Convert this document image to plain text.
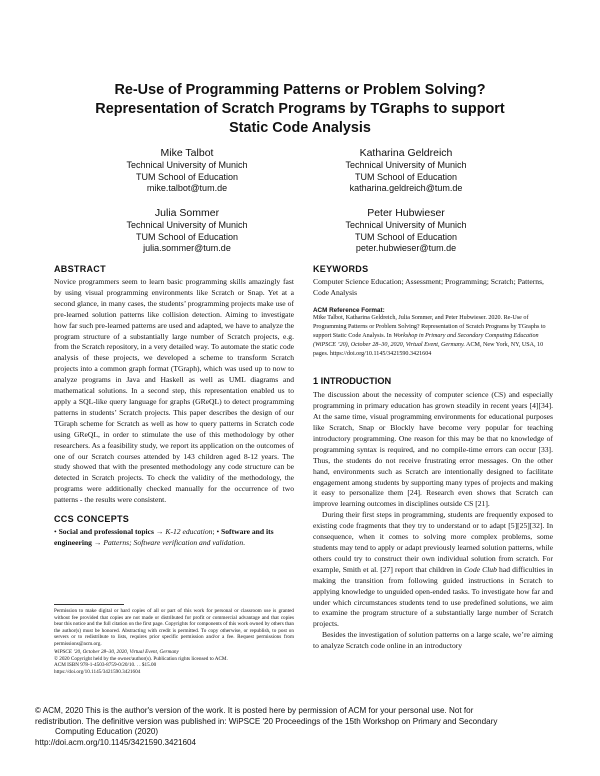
Re-Use of Programming Patterns or Problem Solving?
Representation of Scratch Programs by TGraphs to support
Static Code Analysis
Mike Talbot
Technical University of Munich
TUM School of Education
mike.talbot@tum.de
Katharina Geldreich
Technical University of Munich
TUM School of Education
katharina.geldreich@tum.de
Julia Sommer
Technical University of Munich
TUM School of Education
julia.sommer@tum.de
Peter Hubwieser
Technical University of Munich
TUM School of Education
peter.hubwieser@tum.de
ABSTRACT

Novice programmers seem to learn basic programming skills amazingly fast by using visual programming environments like Scratch or Snap. Yet at a second glance, in many cases, the students’ programming projects make use of pre-learned solution patterns like collision detection. Aiming to investigate how far such pre-learned patterns are used and adapted, we have to analyze the program structure of a substantially large number of Scratch projects, e.g. from the Scratch repository, in a very detailed way. To automate the static code analysis of these projects, we developed a scheme to transform Scratch projects into a common graph format (TGraph), which was used up to now to analyze programs in Java and Haskell as well as UML diagrams and mathematical solutions. In a second step, this representation enabled us to apply a SQL-like query language for graphs (GReQL) to detect programming patterns in students’ Scratch projects. This paper describes the design of our TGraph scheme for Scratch as well as how to query patterns in Scratch code using GReQL, in order to stimulate the use of this methodology by other researchers. As a feasibility study, we report its application on the outcomes of one of our Scratch courses attended by 143 children aged 8-12 years. The study showed that with the presented methodology any code structure can be detected in Scratch projects. To check the validity of the methodology, the programs were additionally checked manually for the occurrence of two patterns - the results were consistent.

CCS CONCEPTS
• Social and professional topics → K-12 education; • Software and its engineering → Patterns; Software verification and validation.
Permission to make digital or hard copies of all or part of this work for personal or classroom use is granted without fee provided that copies are not made or distributed for profit or commercial advantage and that copies bear this notice and the full citation on the first page. Copyrights for components of this work owned by others than the author(s) must be honored. Abstracting with credit is permitted. To copy otherwise, or republish, to post on servers or to redistribute to lists, requires prior specific permission and/or a fee. Request permissions from permissions@acm.org.
WiPSCE ’20, October 28–30, 2020, Virtual Event, Germany
© 2020 Copyright held by the owner/author(s). Publication rights licensed to ACM.
ACM ISBN 978-1-4503-8759-0/20/10. . . $15.00
https://doi.org/10.1145/3421590.3421604
KEYWORDS
Computer Science Education; Assessment; Programming; Scratch; Patterns, Code Analysis
ACM Reference Format:
Mike Talbot, Katharina Geldreich, Julia Sommer, and Peter Hubwieser. 2020. Re-Use of Programming Patterns or Problem Solving? Representation of Scratch Programs by TGraphs to support Static Code Analysis. In Workshop in Primary and Secondary Computing Education (WiPSCE ’20), October 28–30, 2020, Virtual Event, Germany. ACM, New York, NY, USA, 10 pages. https://doi.org/10.1145/3421590.3421604
1 INTRODUCTION

The discussion about the necessity of computer science (CS) and especially programming in primary education has grown steadily in recent years [4][34]. At the same time, visual programming environments for educational purposes like Scratch, Snap or Blockly have become very popular for teaching introductory programming. One reason for this may be that no knowledge of programming syntax is required, and no compile-time errors can occur [33]. Thus, the students do not receive frustrating error messages. On the other hand, environments such as Scratch are intentionally designed to facilitate engagement among students by supporting many types of projects and making it easy to personalize them [24]. Research even shows that Scratch can improve learning outcomes in disciplines outside CS [21].

During their first steps in programming, students are frequently exposed to existing code fragments that they try to understand or to adapt [5][25][32]. In consequence, when it comes to solving more complex problems, some students may tend to apply or adapt previously learned solution patterns, while others could try to construct their own individual solution from scratch. For example, Smith et al. [27] report that children in Code Club had difficulties in making the transition from following guided instructions in Scratch to applying knowledge to unguided open-ended tasks. To investigate how far and under which circumstances students tend to use predefined solutions, we aim to examine the program structure of a substantially large number of Scratch projects.

Besides the investigation of solution patterns on a large scale, we’re aiming to analyze Scratch code online in an introductory

© ACM, 2020 This is the author's version of the work. It is posted here by permission of ACM for your personal use. Not for
redistribution. The definitive version was published in: WiPSCE '20 Proceedings of the 15th Workshop on Primary and Secondary
Computing Education (2020)
http://doi.acm.org/10.1145/3421590.3421604
